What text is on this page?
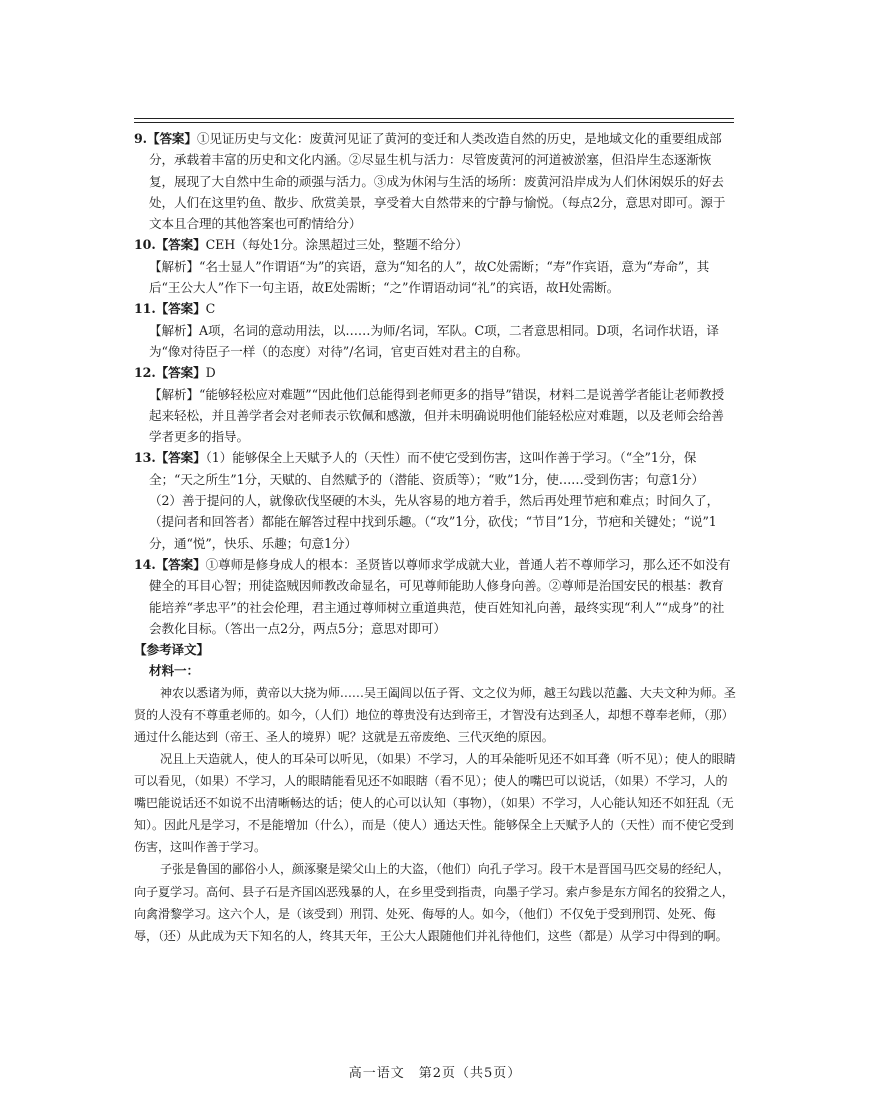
9.【答案】①见证历史与文化：废黄河见证了黄河的变迁和人类改造自然的历史，是地域文化的重要组成部分，承载着丰富的历史和文化内涵。②尽显生机与活力：尽管废黄河的河道被淤塞，但沿岸生态逐渐恢复，展现了大自然中生命的顽强与活力。③成为休闲与生活的场所：废黄河沿岸成为人们休闲娱乐的好去处，人们在这里钓鱼、散步、欣赏美景，享受着大自然带来的宁静与愉悦。（每点2分，意思对即可。源于文本且合理的其他答案也可酌情给分）

10.【答案】CEH（每处1分。涂黑超过三处，整题不给分）

【解析】“名士显人”作谓语“为”的宾语，意为“知名的人”，故C处需断；“寿”作宾语，意为“寿命”，其后“王公大人”作下一句主语，故E处需断；“之”作谓语动词“礼”的宾语，故H处需断。

11.【答案】C

【解析】A项，名词的意动用法，以……为师/名词，军队。C项，二者意思相同。D项，名词作状语，译为“像对待臣子一样（的态度）对待”/名词，官吏百姓对君主的自称。

12.【答案】D

【解析】“能够轻松应对难题”“因此他们总能得到老师更多的指导”错误，材料二是说善学者能让老师教授起来轻松，并且善学者会对老师表示钦佩和感激，但并未明确说明他们能轻松应对难题，以及老师会给善学者更多的指导。

13.【答案】（1）能够保全上天赋予人的（天性）而不使它受到伤害，这叫作善于学习。（“全”1分，保全；“天之所生”1分，天赋的、自然赋予的（潜能、资质等）；“败”1分，使……受到伤害；句意1分）

（2）善于提问的人，就像砍伐坚硬的木头，先从容易的地方着手，然后再处理节疤和难点；时间久了，（提问者和回答者）都能在解答过程中找到乐趣。（“攻”1分，砍伐；“节目”1分，节疤和关键处；“说”1分，通“悦”，快乐、乐趣；句意1分）

14.【答案】①尊师是修身成人的根本：圣贤皆以尊师求学成就大业，普通人若不尊师学习，那么还不如没有健全的耳目心智；刑徒盗贼因师教改命显名，可见尊师能助人修身向善。②尊师是治国安民的根基：教育能培养“孝忠平”的社会伦理，君主通过尊师树立重道典范，使百姓知礼向善，最终实现“利人”“成身”的社会教化目标。（答出一点2分，两点5分；意思对即可）

【参考译文】

材料一：

神农以悉诸为师，黄帝以大挠为师……吴王阖闾以伍子胥、文之仪为师，越王勾践以范蠡、大夫文种为师。圣贤的人没有不尊重老师的。如今，（人们）地位的尊贵没有达到帝王，才智没有达到圣人，却想不尊奉老师，（那）通过什么能达到（帝王、圣人的境界）呢？这就是五帝废绝、三代灭绝的原因。

况且上天造就人，使人的耳朵可以听见，（如果）不学习，人的耳朵能听见还不如耳聋（听不见）；使人的眼睛可以看见，（如果）不学习，人的眼睛能看见还不如眼瞎（看不见）；使人的嘴巴可以说话，（如果）不学习，人的嘴巴能说话还不如说不出清晰畅达的话；使人的心可以认知（事物），（如果）不学习，人心能认知还不如狂乱（无知）。因此凡是学习，不是能增加（什么），而是（使人）通达天性。能够保全上天赋予人的（天性）而不使它受到伤害，这叫作善于学习。

子张是鲁国的鄙俗小人，颜涿聚是梁父山上的大盗，（他们）向孔子学习。段干木是晋国马匹交易的经纪人，向子夏学习。高何、县子石是齐国凶恶残暴的人，在乡里受到指责，向墨子学习。索卢参是东方闻名的狡猾之人，向禽滑黎学习。这六个人，是（该受到）刑罚、处死、侮辱的人。如今，（他们）不仅免于受到刑罚、处死、侮辱，（还）从此成为天下知名的人，终其天年，王公大人跟随他们并礼待他们，这些（都是）从学习中得到的啊。

高一语文　第2页（共5页）
